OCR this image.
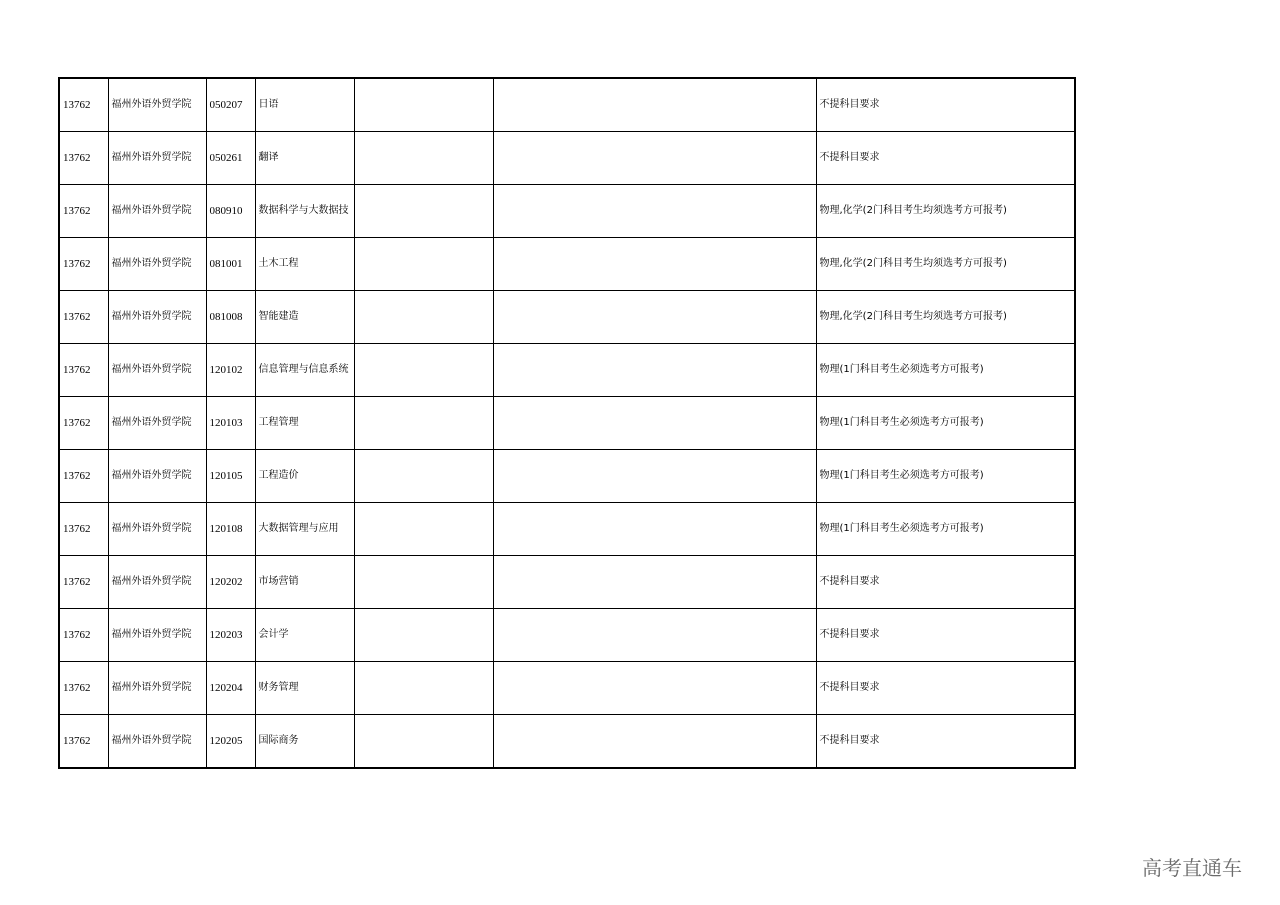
13762	福州外语外贸学院	050207	日语			不提科目要求
13762	福州外语外贸学院	050261	翻译			不提科目要求
13762	福州外语外贸学院	080910	数据科学与大数据技			物理,化学(2门科目考生均须选考方可报考)
13762	福州外语外贸学院	081001	土木工程			物理,化学(2门科目考生均须选考方可报考)
13762	福州外语外贸学院	081008	智能建造			物理,化学(2门科目考生均须选考方可报考)
13762	福州外语外贸学院	120102	信息管理与信息系统			物理(1门科目考生必须选考方可报考)
13762	福州外语外贸学院	120103	工程管理			物理(1门科目考生必须选考方可报考)
13762	福州外语外贸学院	120105	工程造价			物理(1门科目考生必须选考方可报考)
13762	福州外语外贸学院	120108	大数据管理与应用			物理(1门科目考生必须选考方可报考)
13762	福州外语外贸学院	120202	市场营销			不提科目要求
13762	福州外语外贸学院	120203	会计学			不提科目要求
13762	福州外语外贸学院	120204	财务管理			不提科目要求
13762	福州外语外贸学院	120205	国际商务			不提科目要求
高考直通车
